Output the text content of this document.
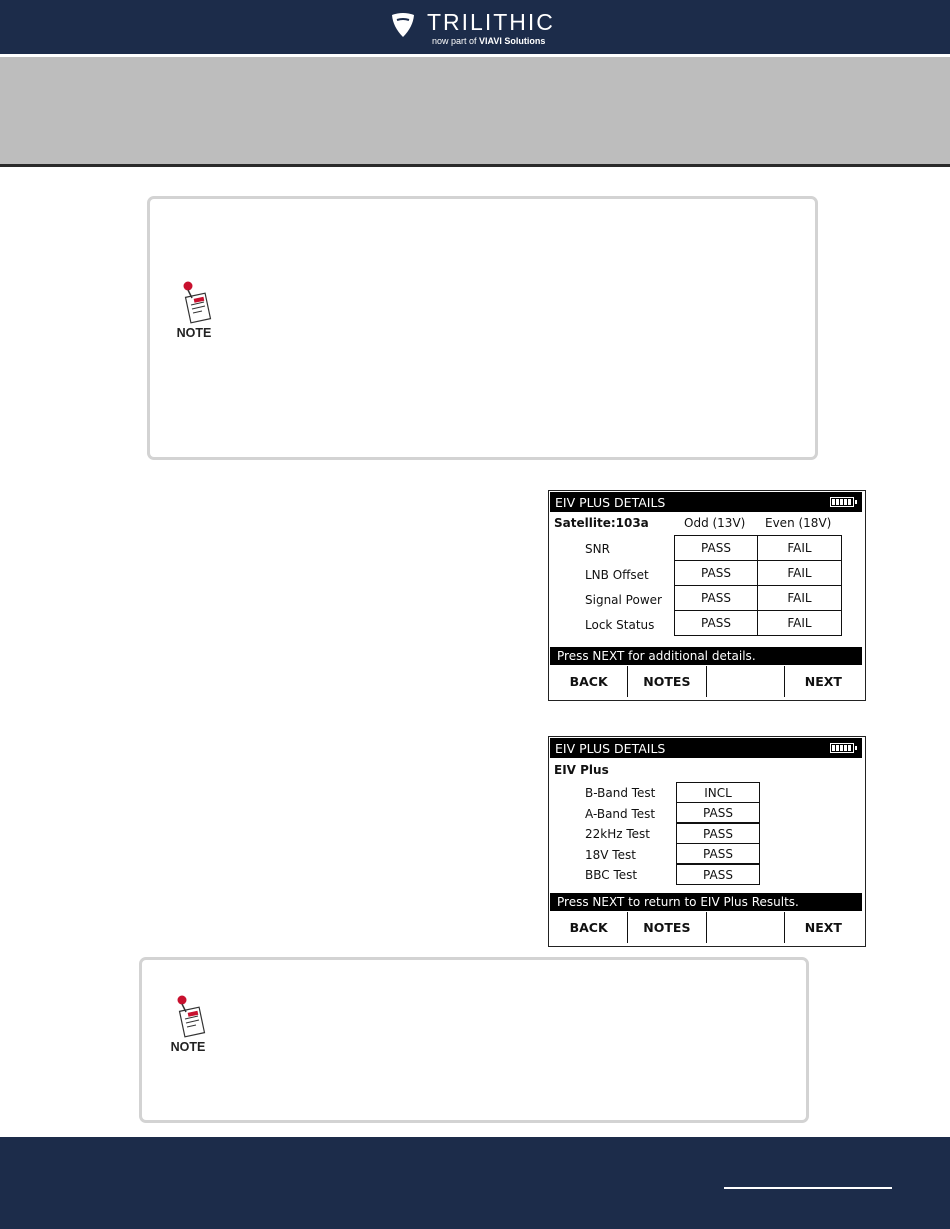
TRILITHIC
now part of VIAVI Solutions
NOTE
EIV PLUS DETAILS
Satellite:103a	Odd (13V) Even (18V)
SNR	PASS	FAIL
LNB Offset	PASS	FAIL
Signal Power	PASS	FAIL
Lock Status	PASS	FAIL
Press NEXT for additional details.
BACK	NOTES	NEXT
EIV PLUS DETAILS
EIV Plus
B-Band Test	INCL
A-Band Test	PASS
22kHz Test	PASS
18V Test	PASS
BBC Test	PASS
Press NEXT to return to EIV Plus Results.
BACK	NOTES	NEXT
NOTE
